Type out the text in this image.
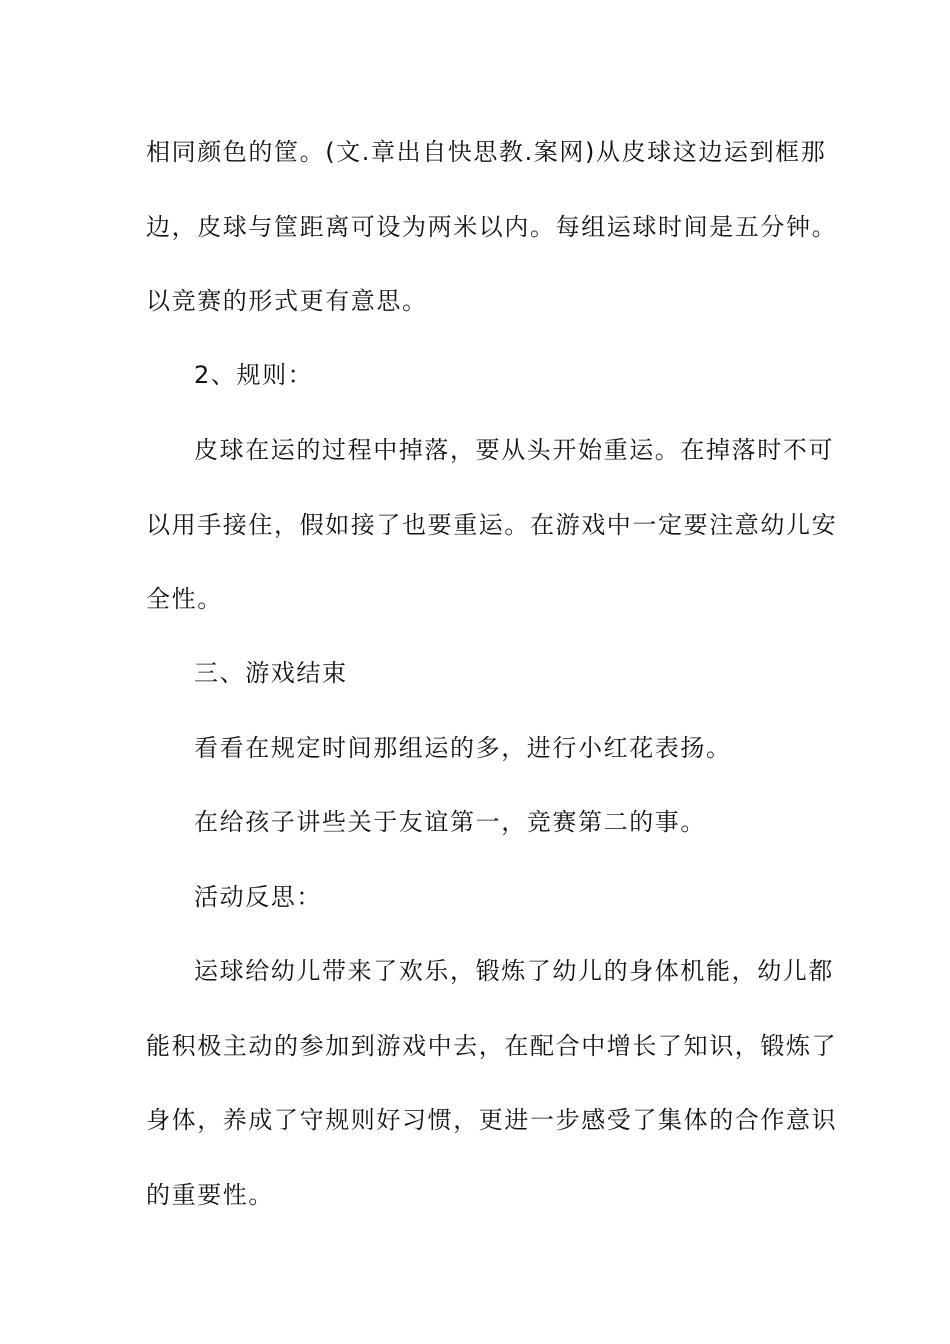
相同颜色的筐。(文.章出自快思教.案网)从皮球这边运到框那
边，皮球与筐距离可设为两米以内。每组运球时间是五分钟。
以竞赛的形式更有意思。
2、规则：
皮球在运的过程中掉落，要从头开始重运。在掉落时不可
以用手接住，假如接了也要重运。在游戏中一定要注意幼儿安
全性。
三、游戏结束
看看在规定时间那组运的多，进行小红花表扬。
在给孩子讲些关于友谊第一，竞赛第二的事。
活动反思：
运球给幼儿带来了欢乐，锻炼了幼儿的身体机能，幼儿都
能积极主动的参加到游戏中去，在配合中增长了知识，锻炼了
身体，养成了守规则好习惯，更进一步感受了集体的合作意识
的重要性。
